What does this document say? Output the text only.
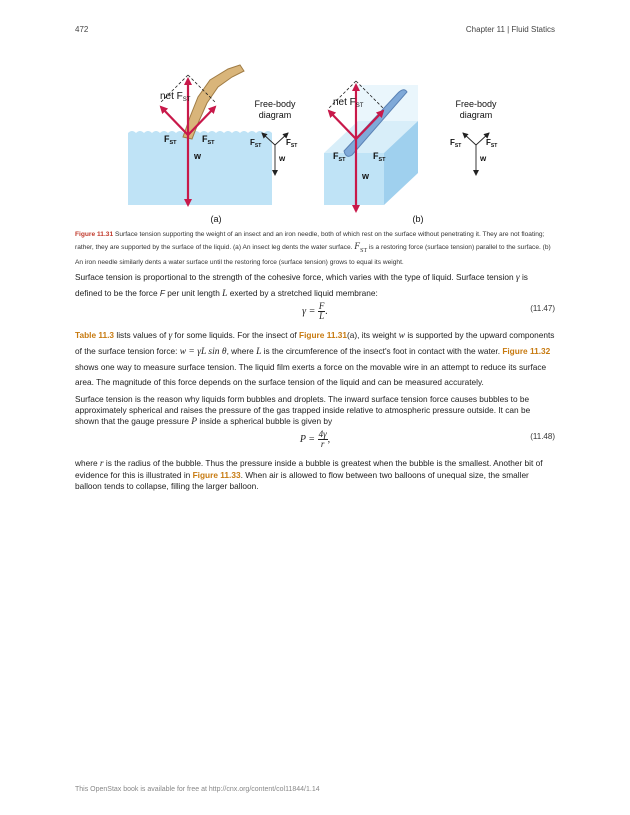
472	Chapter 11 | Fluid Statics
net $F_{ST}$
$F_{ST}$	$F_{ST}$
w
Free-body diagram
$F_{ST}$	$F_{ST}$
w
(a)
net $F_{ST}$
$F_{ST}$	$F_{ST}$
w
Free-body diagram
$F_{ST}$	$F_{ST}$
w
(b)
Figure 11.31 Surface tension supporting the weight of an insect and an iron needle, both of which rest on the surface without penetrating it. They are not floating; rather, they are supported by the surface of the liquid. (a) An insect leg dents the water surface. $F_{ST}$ is a restoring force (surface tension) parallel to the surface. (b) An iron needle similarly dents a water surface until the restoring force (surface tension) grows to equal its weight.
Surface tension is proportional to the strength of the cohesive force, which varies with the type of liquid. Surface tension γ is defined to be the force F per unit length L exerted by a stretched liquid membrane:
$\gamma = \frac{F}{L}$ .	(11.47)
Table 11.3 lists values of γ for some liquids. For the insect of Figure 11.31(a), its weight w is supported by the upward components of the surface tension force: w = γL sin θ, where L is the circumference of the insect's foot in contact with the water. Figure 11.32 shows one way to measure surface tension. The liquid film exerts a force on the movable wire in an attempt to reduce its surface area. The magnitude of this force depends on the surface tension of the liquid and can be measured accurately.
Surface tension is the reason why liquids form bubbles and droplets. The inward surface tension force causes bubbles to be approximately spherical and raises the pressure of the gas trapped inside relative to atmospheric pressure outside. It can be shown that the gauge pressure P inside a spherical bubble is given by
$P = \frac{4\gamma}{r}$ ,	(11.48)
where r is the radius of the bubble. Thus the pressure inside a bubble is greatest when the bubble is the smallest. Another bit of evidence for this is illustrated in Figure 11.33. When air is allowed to flow between two balloons of unequal size, the smaller balloon tends to collapse, filling the larger balloon.
This OpenStax book is available for free at http://cnx.org/content/col11844/1.14
